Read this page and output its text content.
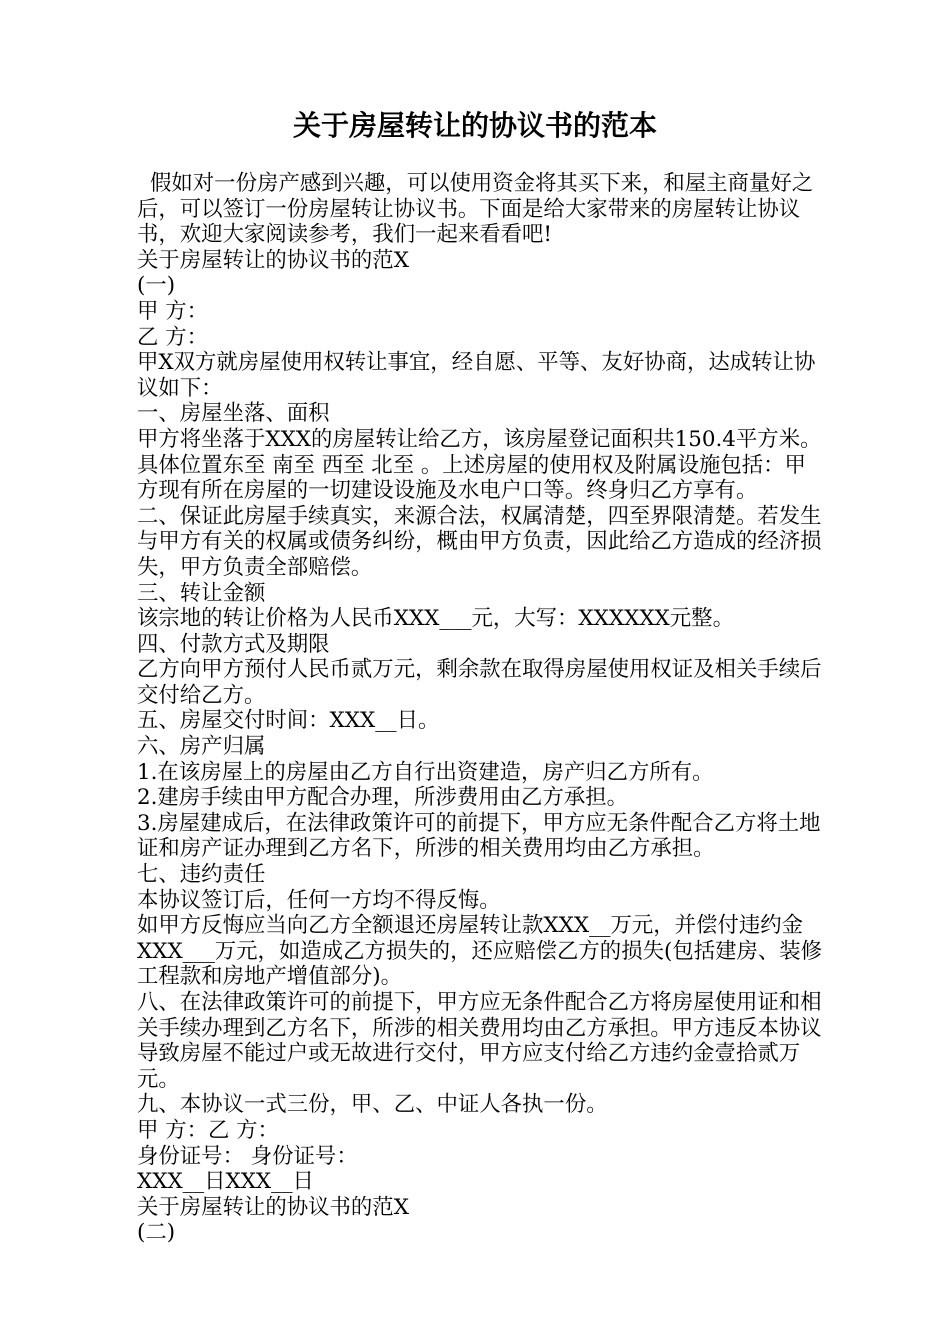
关于房屋转让的协议书的范本

假如对一份房产感到兴趣，可以使用资金将其买下来，和屋主商量好之后，可以签订一份房屋转让协议书。下面是给大家带来的房屋转让协议书，欢迎大家阅读参考，我们一起来看看吧!

关于房屋转让的协议书的范X

(一)

甲 方：

乙 方：

甲X双方就房屋使用权转让事宜，经自愿、平等、友好协商，达成转让协议如下：

一、房屋坐落、面积

甲方将坐落于XXX的房屋转让给乙方，该房屋登记面积共150.4平方米。具体位置东至 南至 西至 北至 。上述房屋的使用权及附属设施包括：甲方现有所在房屋的一切建设设施及水电户口等。终身归乙方享有。

二、保证此房屋手续真实，来源合法，权属清楚，四至界限清楚。若发生与甲方有关的权属或债务纠纷，概由甲方负责，因此给乙方造成的经济损失，甲方负责全部赔偿。

三、转让金额

该宗地的转让价格为人民币XXX___元，大写：XXXXXX元整。

四、付款方式及期限

乙方向甲方预付人民币贰万元，剩余款在取得房屋使用权证及相关手续后交付给乙方。

五、房屋交付时间：XXX__日。

六、房产归属

1.在该房屋上的房屋由乙方自行出资建造，房产归乙方所有。

2.建房手续由甲方配合办理，所涉费用由乙方承担。

3.房屋建成后，在法律政策许可的前提下，甲方应无条件配合乙方将土地证和房产证办理到乙方名下，所涉的相关费用均由乙方承担。

七、违约责任

本协议签订后，任何一方均不得反悔。

如甲方反悔应当向乙方全额退还房屋转让款XXX__万元，并偿付违约金XXX___万元，如造成乙方损失的，还应赔偿乙方的损失(包括建房、装修工程款和房地产增值部分)。

八、在法律政策许可的前提下，甲方应无条件配合乙方将房屋使用证和相关手续办理到乙方名下，所涉的相关费用均由乙方承担。甲方违反本协议导致房屋不能过户或无故进行交付，甲方应支付给乙方违约金壹拾贰万元。

九、本协议一式三份，甲、乙、中证人各执一份。

甲 方：乙 方：

身份证号： 身份证号：

XXX__日XXX__日

关于房屋转让的协议书的范X

(二)
